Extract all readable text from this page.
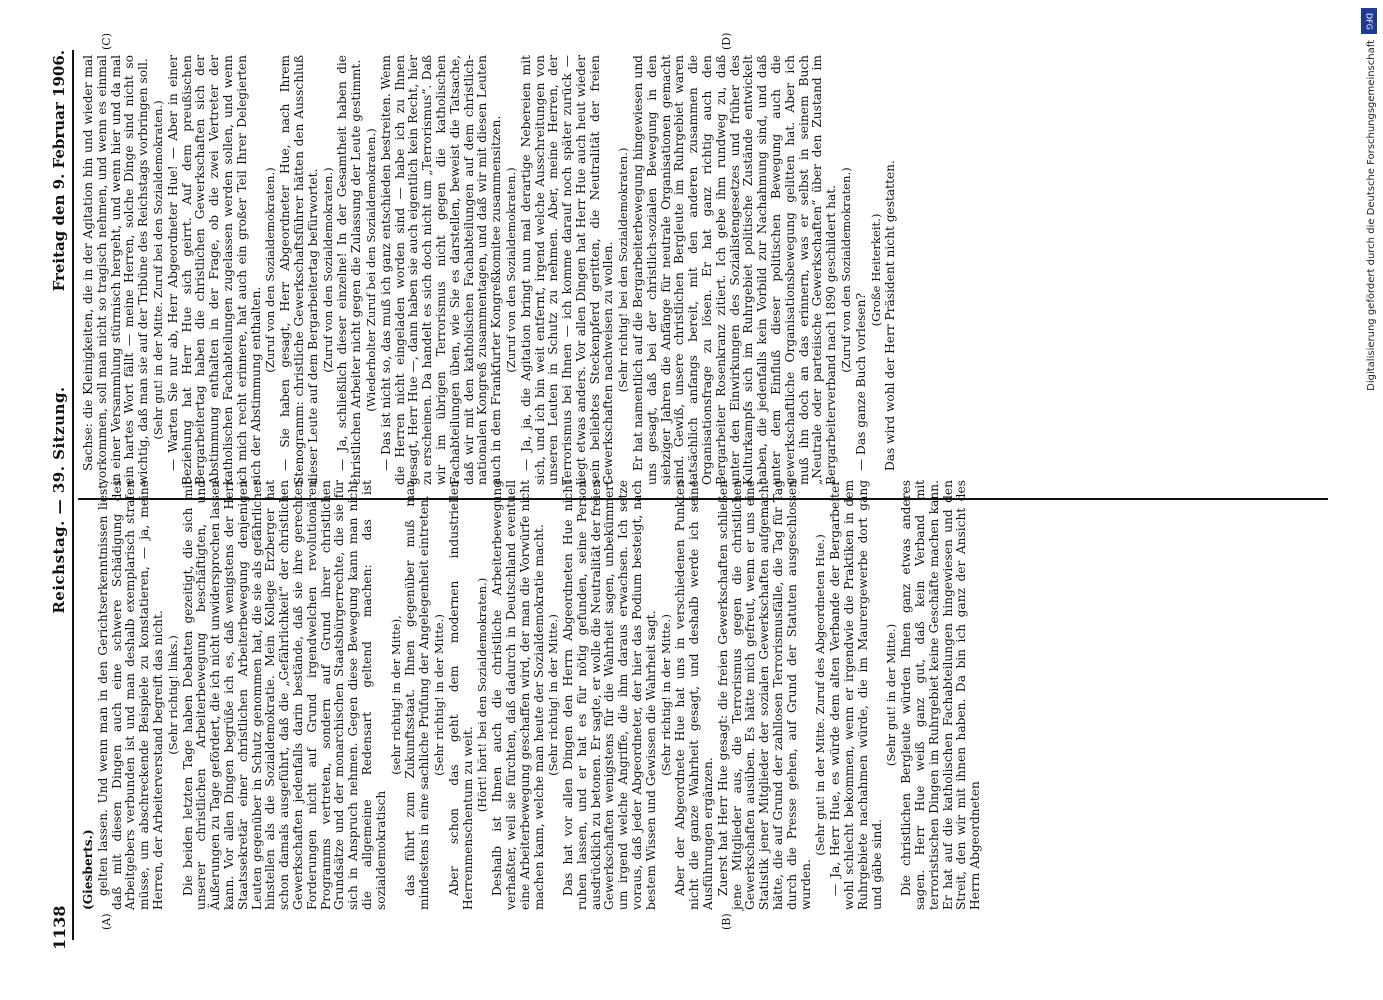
1138
Reichstag. — 39. Sitzung.
Freitag den 9. Februar 1906.
(A)	(B)
(C)	(D)

(Giesberts.) gelten lassen. Und wenn man in den Gerichtserkenntnissen liest, daß mit diesen Dingen auch eine schwere Schädigung des Arbeitgebers verbunden ist und man deshalb exemplarisch strafen müsse, um abschreckende Beispiele zu konstatieren, — ja, meine Herren, der Arbeiterverstand begreift das nicht. (Sehr richtig! links.) Die beiden letzten Tage haben Debatten gezeitigt, die sich mit unserer christlichen Arbeiterbewegung beschäftigten, und Äußerungen zu Tage gefördert, die ich nicht unwidersprochen lassen kann. Vor allen Dingen begrüße ich es, daß wenigstens der Herr Staatssekretär einer christlichen Arbeiterbewegung denjenigen Leuten gegenüber in Schutz genommen hat, die sie als gefährlicher hinstellen als die Sozialdemokratie. Mein Kollege Erzberger hat schon damals ausgeführt, daß die „Gefährlichkeit“ der christlichen Gewerkschaften jedenfalls darin bestände, daß sie ihre gerechten Forderungen nicht auf Grund irgendwelchen revolutionären Programms vertreten, sondern auf Grund ihrer christlichen Grundsätze und der monarchischen Staatsbürgerrechte, die sie für sich in Anspruch nehmen. Gegen diese Bewegung kann man nicht die allgemeine Redensart geltend machen: das ist sozialdemokratisch

(sehr richtig! in der Mitte), das führt zum Zukunftsstaat. Ihnen gegenüber muß man mindestens in eine sachliche Prüfung der Angelegenheit eintreten. (Sehr richtig! in der Mitte.) Aber schon das geht dem modernen industriellen Herrenmenschentum zu weit.

(Hört! hört! bei den Sozialdemokraten.) Deshalb ist Ihnen auch die christliche Arbeiterbewegung verhaßter, weil sie fürchten, daß dadurch in Deutschland eventuell eine Arbeiterbewegung geschaffen wird, der man die Vorwürfe nicht machen kann, welche man heute der Sozialdemokratie macht. (Sehr richtig! in der Mitte.) Das hat vor allen Dingen den Herrn Abgeordneten Hue nicht ruhen lassen, und er hat es für nötig gefunden, seine Person ausdrücklich zu betonen. Er sagte, er wolle die Neutralität der freien Gewerkschaften wenigstens für die Wahrheit sagen, unbekümmert um irgend welche Angriffe, die ihm daraus erwachsen. Ich setze voraus, daß jeder Abgeordneter, der hier das Podium besteigt, nach bestem Wissen und Gewissen die Wahrheit sagt. (Sehr richtig! in der Mitte.) Aber der Abgeordnete Hue hat uns in verschiedenen Punkten nicht die ganze Wahrheit gesagt, und deshalb werde ich seine Ausführungen ergänzen. Zuerst hat Herr Hue gesagt: die freien Gewerkschaften schließen jene Mitglieder aus, die Terrorismus gegen die christlichen Gewerkschaften ausüben. Es hätte mich gefreut, wenn er uns eine Statistik jener Mitglieder der sozialen Gewerkschaften aufgemacht hätte, die auf Grund der zahllosen Terrorismusfälle, die Tag für Tag durch die Presse gehen, auf Grund der Statuten ausgeschlossen wurden.

(Sehr gut! in der Mitte. Zuruf des Abgeordneten Hue.) — Ja, Herr Hue, es würde dem alten Verbande der Bergarbeiter wohl schlecht bekommen, wenn er irgendwie die Praktiken in dem Ruhrgebiete nachahmen würde, die im Maurergewerbe dort gang und gäbe sind.

(Sehr gut! in der Mitte.) Die christlichen Bergleute würden Ihnen ganz etwas anderes sagen. Herr Hue weiß ganz gut, daß kein Verband mit terroristischen Dingen im Ruhrgebiet keine Geschäfte machen kann. Er hat auf die katholischen Fachabteilungen hingewiesen und den Streit, den wir mit ihnen haben. Da bin ich ganz der Ansicht des Herrn Abgeordneten

Sachse: die Kleinigkeiten, die in der Agitation hin und wieder mal vorkommen, soll man nicht so tragisch nehmen, und wenn es einmal in einer Versammlung stürmisch hergeht, und wenn hier und da mal ein hartes Wort fällt — meine Herren, solche Dinge sind nicht so wichtig, daß man sie auf der Tribüne des Reichstags vorbringen soll. (Sehr gut! in der Mitte. Zuruf bei den Sozialdemokraten.) — Warten Sie nur ab, Herr Abgeordneter Hue! — Aber in einer Beziehung hat Herr Hue sich geirrt. Auf dem preußischen Bergarbeitertag haben die christlichen Gewerkschaften sich der Abstimmung enthalten in der Frage, ob die zwei Vertreter der katholischen Fachabteilungen zugelassen werden sollen, und wenn ich mich recht erinnere, hat auch ein großer Teil Ihrer Delegierten sich der Abstimmung enthalten.

(Zuruf von den Sozialdemokraten.) — Sie haben gesagt, Herr Abgeordneter Hue, nach Ihrem Stenogramm: christliche Gewerkschaftsführer hätten den Ausschluß dieser Leute auf dem Bergarbeitertag befürwortet. (Zuruf von den Sozialdemokraten.) — Ja, schließlich dieser einzelne! In der Gesamtheit haben die christlichen Arbeiter nicht gegen die Zulassung der Leute gestimmt. (Wiederholter Zuruf bei den Sozialdemokraten.) — Das ist nicht so, das muß ich ganz entschieden bestreiten. Wenn die Herren nicht eingeladen worden sind — habe ich zu Ihnen gesagt, Herr Hue —, dann haben sie auch eigentlich kein Recht, hier zu erscheinen. Da handelt es sich doch nicht um „Terrorismus“. Daß wir im übrigen Terrorismus nicht gegen die katholischen Fachabteilungen üben, wie Sie es darstellen, beweist die Tatsache, daß wir mit den katholischen Fachabteilungen auf dem christlich-nationalen Kongreß zusammentagen, und daß wir mit diesen Leuten auch in dem Frankfurter Kongreßkomitee zusammensitzen. (Zuruf von den Sozialdemokraten.) — Ja, ja, die Agitation bringt nun mal derartige Nebereien mit sich, und ich bin weit entfernt, irgend welche Ausschreitungen von unseren Leuten in Schutz zu nehmen. Aber, meine Herren, der Terrorismus bei Ihnen — ich komme darauf noch später zurück — liegt etwas anders. Vor allen Dingen hat Herr Hue auch heut wieder sein beliebtes Steckenpferd geritten, die Neutralität der freien Gewerkschaften nachweisen zu wollen. (Sehr richtig! bei den Sozialdemokraten.) Er hat namentlich auf die Bergarbeiterbewegung hingewiesen und uns gesagt, daß bei der christlich-sozialen Bewegung in den siebziger Jahren die Anfänge für neutrale Organisationen gemacht sind. Gewiß, unsere christlichen Bergleute im Ruhrgebiet waren tatsächlich anfangs bereit, mit den anderen zusammen die Organisationsfrage zu lösen. Er hat ganz richtig auch den Bergarbeiter Rosenkranz zitiert. Ich gebe ihm rundweg zu, daß unter den Einwirkungen des Sozialistengesetzes und früher des Kulturkampfs sich im Ruhrgebiet politische Zustände entwickelt haben, die jedenfalls kein Vorbild zur Nachahmung sind, und daß unter dem Einfluß dieser politischen Bewegung auch die gewerkschaftliche Organisationsbewegung gelitten hat. Aber ich muß ihn doch an das erinnern, was er selbst in seinem Buch „Neutrale oder parteiische Gewerkschaften“ über den Zustand im Bergarbeiterverband nach 1890 geschildert hat. (Zuruf von den Sozialdemokraten.)

— Das ganze Buch vorlesen?

(Große Heiterkeit.) Das wird wohl der Herr Präsident nicht gestatten.

DFG
Digitalisierung gefördert durch die Deutsche Forschungsgemeinschaft
